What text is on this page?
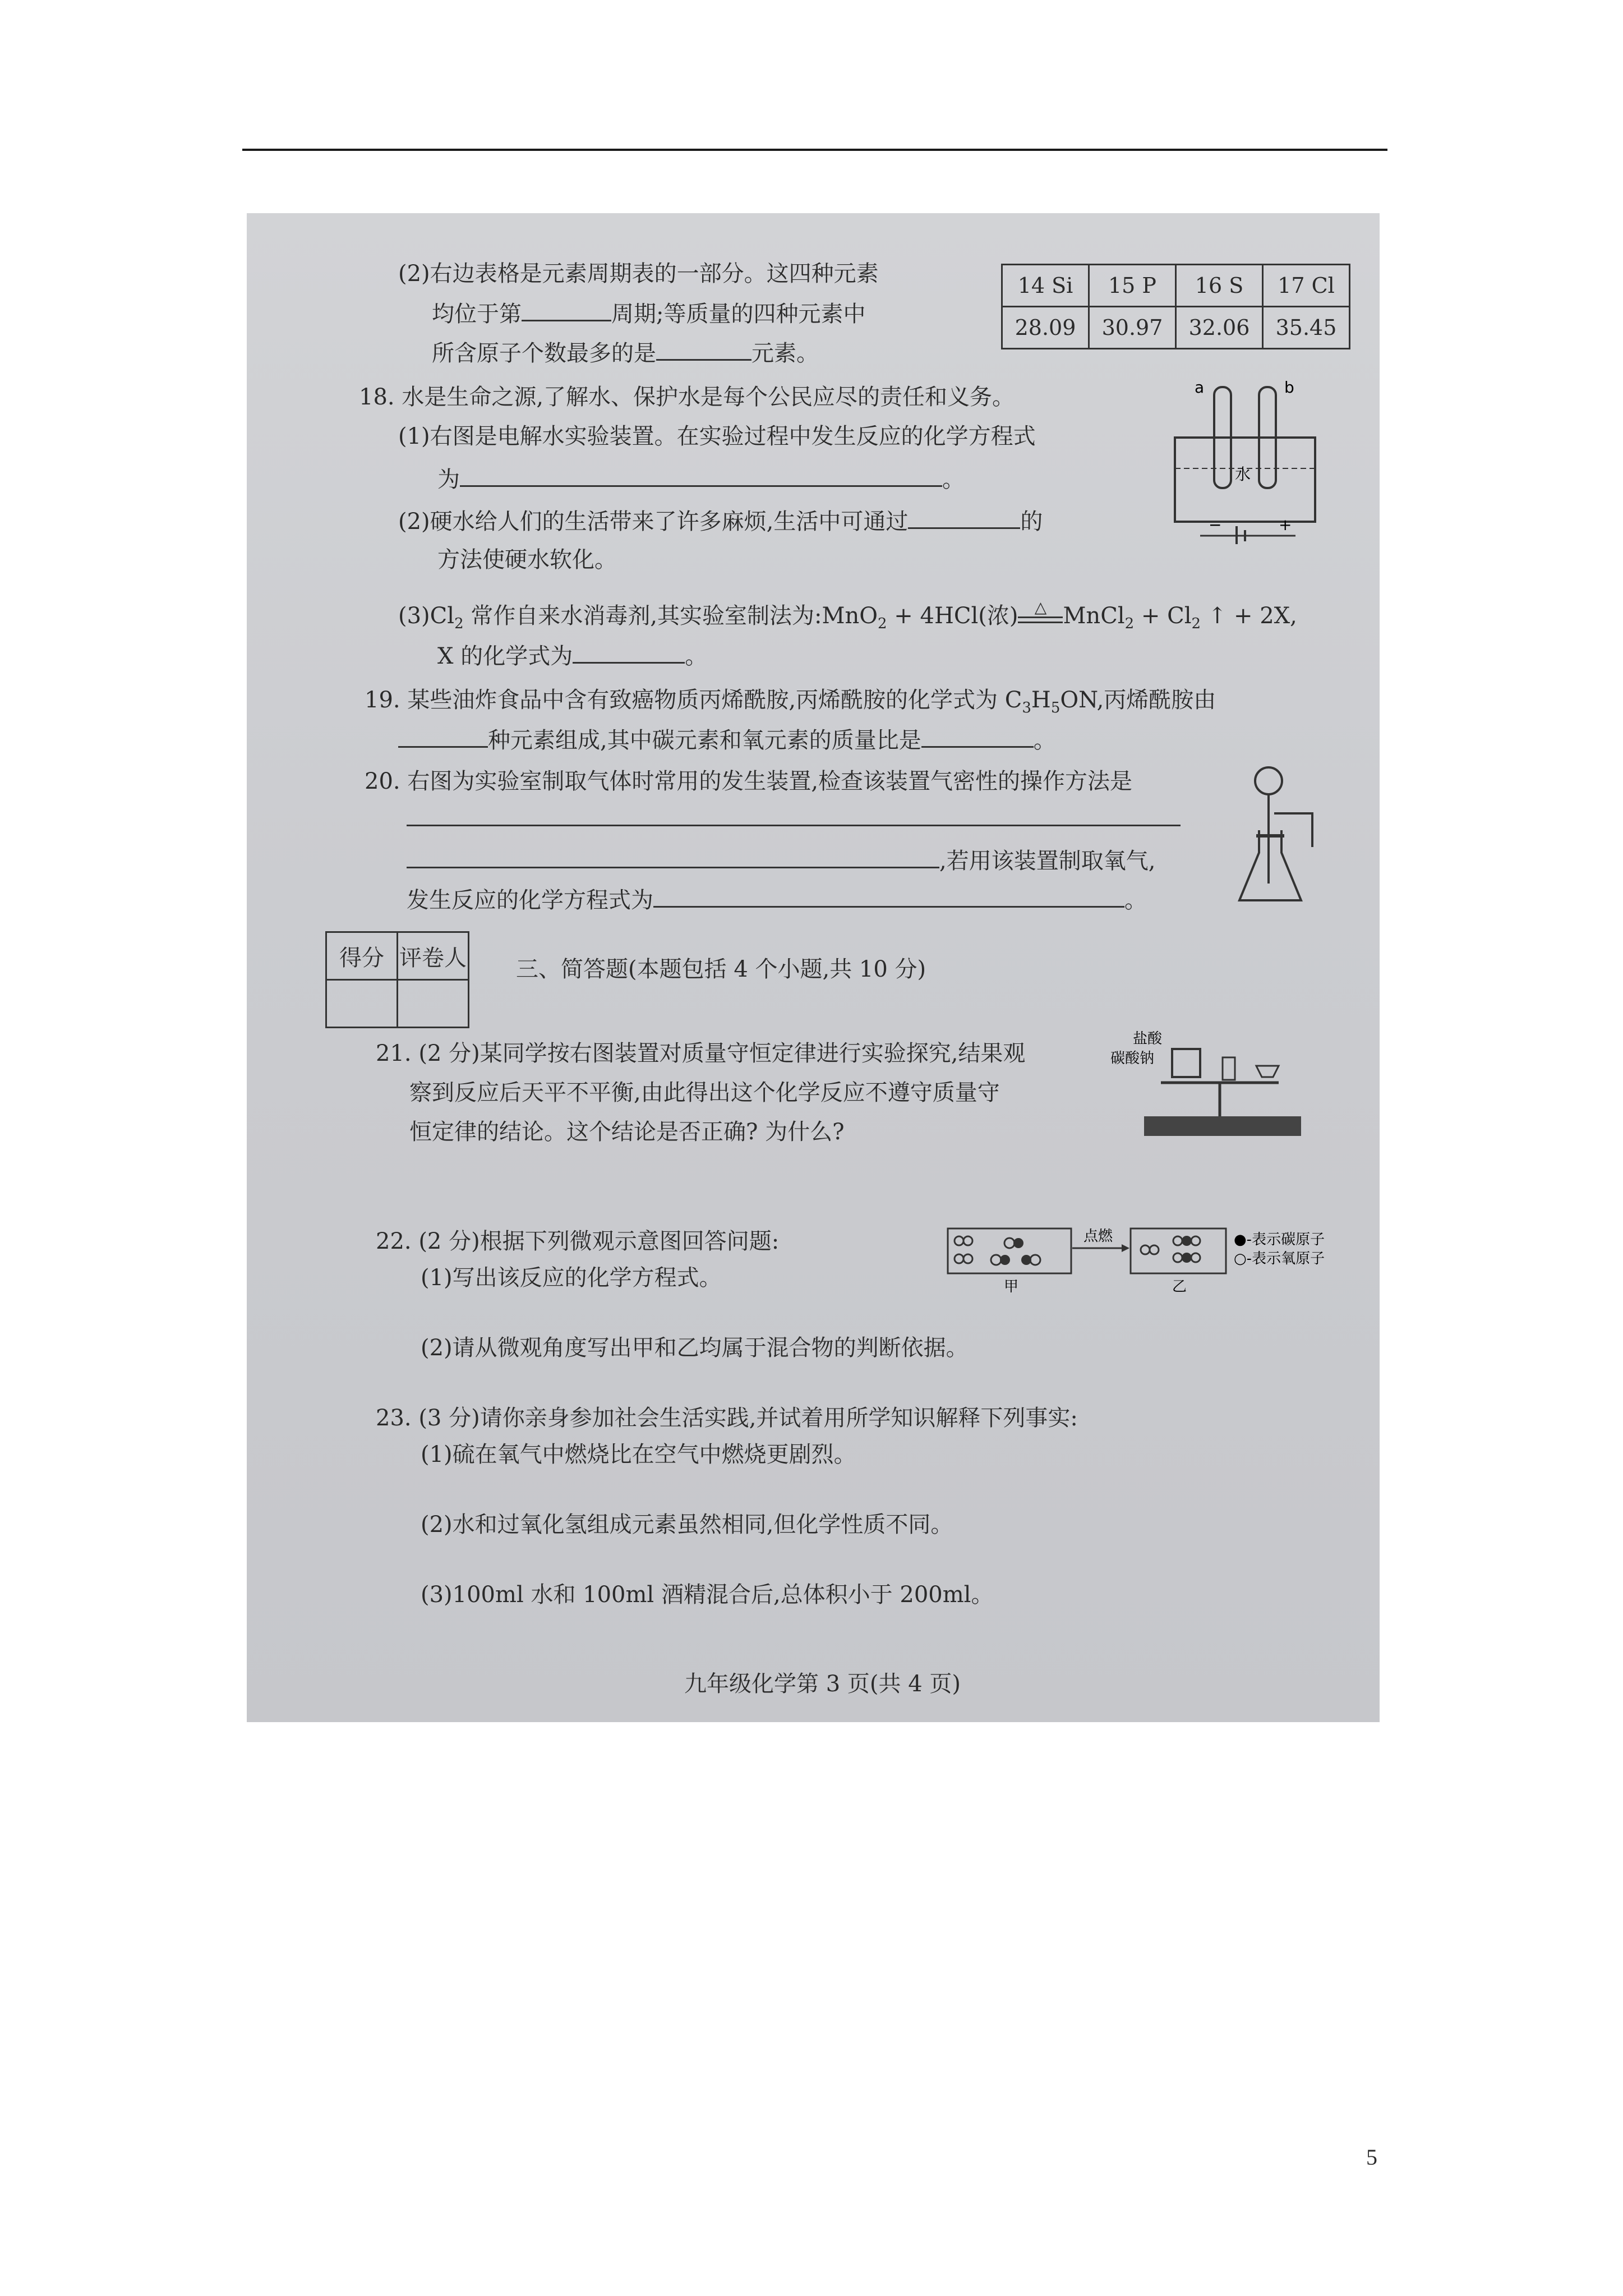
(2)右边表格是元素周期表的一部分。这四种元素
均位于第	周期;等质量的四种元素中
所含原子个数最多的是	元素。
14 Si	15 P	16 S	17 Cl
28.09	30.97	32.06	35.45
18. 水是生命之源,了解水、保护水是每个公民应尽的责任和义务。
(1)右图是电解水实验装置。在实验过程中发生反应的化学方程式
为	。
(2)硬水给人们的生活带来了许多麻烦,生活中可通过	的
方法使硬水软化。
$(3)Cl_2$ 常作自来水消毒剂,其实验室制法为:MnO$_2$ + 4HCl(浓)	△ MnCl$_2$ + $Cl_2$ ↑ + 2X,
X 的化学式为	。
a	b
水
−	+
19. 某些油炸食品中含有致癌物质丙烯酰胺,丙烯酰胺的化学式为 $C_3H_5ON$,丙烯酰胺由
种元素组成,其中碳元素和氧元素的质量比是	。
20. 右图为实验室制取气体时常用的发生装置,检查该装置气密性的操作方法是
,若用该装置制取氧气,
发生反应的化学方程式为	。
得分	评卷人
	三、简答题(本题包括 4 个小题,共 10 分)
21. (2 分)某同学按右图装置对质量守恒定律进行实验探究,结果观
察到反应后天平不平衡,由此得出这个化学反应不遵守质量守
恒定律的结论。这个结论是否正确? 为什么?
盐酸
碳酸钠
22. (2 分)根据下列微观示意图回答问题:
(1)写出该反应的化学方程式。
(2)请从微观角度写出甲和乙均属于混合物的判断依据。
点燃
甲	乙
●-表示碳原子
○-表示氧原子
23. (3 分)请你亲身参加社会生活实践,并试着用所学知识解释下列事实:
(1)硫在氧气中燃烧比在空气中燃烧更剧烈。
(2)水和过氧化氢组成元素虽然相同,但化学性质不同。
(3)100ml 水和 100ml 酒精混合后,总体积小于 200ml。
九年级化学第 3 页(共 4 页)
5
